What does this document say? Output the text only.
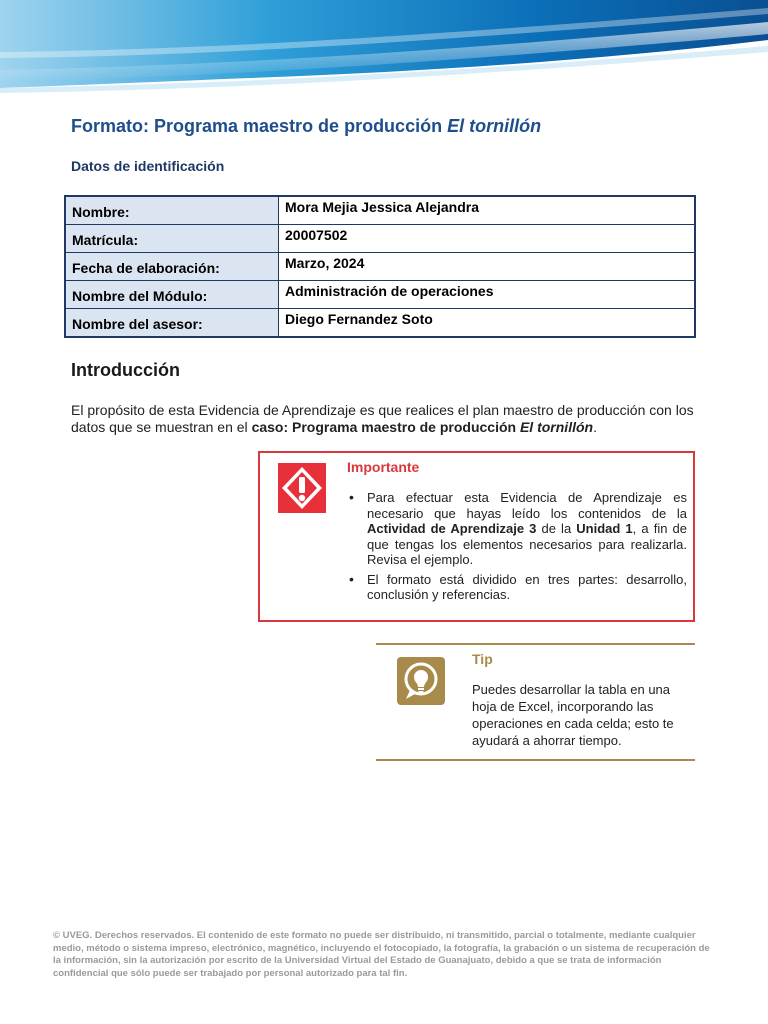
Formato: Programa maestro de producción El tornillón
Datos de identificación
Nombre:	Mora Mejia Jessica Alejandra
Matrícula:	20007502
Fecha de elaboración:	Marzo, 2024
Nombre del Módulo:	Administración de operaciones
Nombre del asesor:	Diego Fernandez Soto
Introducción
El propósito de esta Evidencia de Aprendizaje es que realices el plan maestro de producción con los datos que se muestran en el caso: Programa maestro de producción El tornillón.
Importante
• Para efectuar esta Evidencia de Aprendizaje es necesario que hayas leído los contenidos de la Actividad de Aprendizaje 3 de la Unidad 1, a fin de que tengas los elementos necesarios para realizarla. Revisa el ejemplo.
• El formato está dividido en tres partes: desarrollo, conclusión y referencias.
Tip
Puedes desarrollar la tabla en una hoja de Excel, incorporando las operaciones en cada celda; esto te ayudará a ahorrar tiempo.
© UVEG. Derechos reservados. El contenido de este formato no puede ser distribuido, ni transmitido, parcial o totalmente, mediante cualquier medio, método o sistema impreso, electrónico, magnético, incluyendo el fotocopiado, la fotografía, la grabación o un sistema de recuperación de la información, sin la autorización por escrito de la Universidad Virtual del Estado de Guanajuato, debido a que se trata de información confidencial que sólo puede ser trabajado por personal autorizado para tal fin.
